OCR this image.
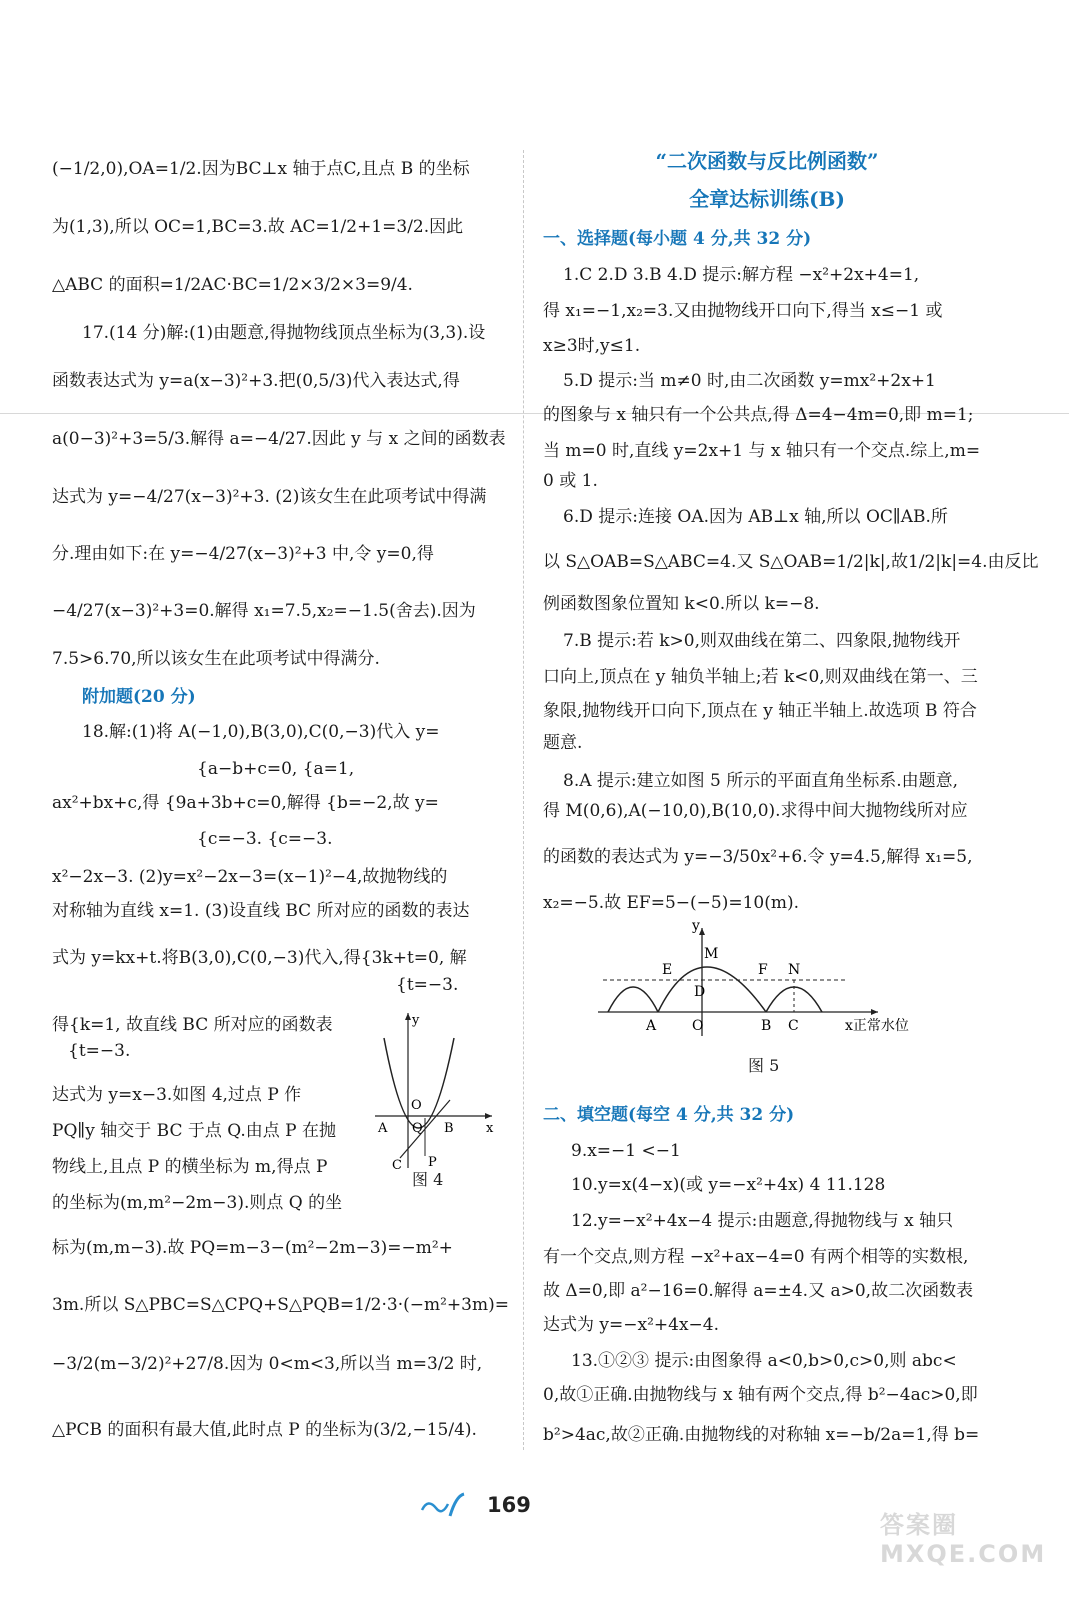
(−1/2,0),OA=1/2.因为BC⊥x 轴于点C,且点 B 的坐标
为(1,3),所以 OC=1,BC=3.故 AC=1/2+1=3/2.因此
△ABC 的面积=1/2AC·BC=1/2×3/2×3=9/4.
17.(14 分)解:(1)由题意,得抛物线顶点坐标为(3,3).设
函数表达式为 y=a(x−3)²+3.把(0,5/3)代入表达式,得
a(0−3)²+3=5/3.解得 a=−4/27.因此 y 与 x 之间的函数表
达式为 y=−4/27(x−3)²+3. (2)该女生在此项考试中得满
分.理由如下:在 y=−4/27(x−3)²+3 中,令 y=0,得
−4/27(x−3)²+3=0.解得 x₁=7.5,x₂=−1.5(舍去).因为
7.5>6.70,所以该女生在此项考试中得满分.
附加题(20 分)
18.解:(1)将 A(−1,0),B(3,0),C(0,−3)代入 y=
{a−b+c=0, {a=1,
ax²+bx+c,得 {9a+3b+c=0,解得 {b=−2,故 y=
{c=−3. {c=−3.
x²−2x−3. (2)y=x²−2x−3=(x−1)²−4,故抛物线的
对称轴为直线 x=1. (3)设直线 BC 所对应的函数的表达
式为 y=kx+t.将B(3,0),C(0,−3)代入,得{3k+t=0, 解
{t=−3.
得{k=1, 故直线 BC 所对应的函数表
{t=−3.
达式为 y=x−3.如图 4,过点 P 作
PQ∥y 轴交于 BC 于点 Q.由点 P 在抛
物线上,且点 P 的横坐标为 m,得点 P
的坐标为(m,m²−2m−3).则点 Q 的坐
标为(m,m−3).故 PQ=m−3−(m²−2m−3)=−m²+
3m.所以 S△PBC=S△CPQ+S△PQB=1/2·3·(−m²+3m)=
−3/2(m−3/2)²+27/8.因为 0<m<3,所以当 m=3/2 时,
△PCB 的面积有最大值,此时点 P 的坐标为(3/2,−15/4).
y
O
A Q B x
C P
图 4
“二次函数与反比例函数”
全章达标训练(B)
一、选择题(每小题 4 分,共 32 分)
1.C 2.D 3.B 4.D 提示:解方程 −x²+2x+4=1,
得 x₁=−1,x₂=3.又由抛物线开口向下,得当 x≤−1 或
x≥3时,y≤1.
5.D 提示:当 m≠0 时,由二次函数 y=mx²+2x+1
的图象与 x 轴只有一个公共点,得 Δ=4−4m=0,即 m=1;
当 m=0 时,直线 y=2x+1 与 x 轴只有一个交点.综上,m=
0 或 1.
6.D 提示:连接 OA.因为 AB⊥x 轴,所以 OC∥AB.所
以 S△OAB=S△ABC=4.又 S△OAB=1/2|k|,故1/2|k|=4.由反比
例函数图象位置知 k<0.所以 k=−8.
7.B 提示:若 k>0,则双曲线在第二、四象限,抛物线开
口向上,顶点在 y 轴负半轴上;若 k<0,则双曲线在第一、三
象限,抛物线开口向下,顶点在 y 轴正半轴上.故选项 B 符合
题意.
8.A 提示:建立如图 5 所示的平面直角坐标系.由题意,
得 M(0,6),A(−10,0),B(10,0).求得中间大抛物线所对应
的函数的表达式为 y=−3/50x²+6.令 y=4.5,解得 x₁=5,
x₂=−5.故 EF=5−(−5)=10(m).
y
M
E	F N
D
A	O	B C	x正常水位
图 5
二、填空题(每空 4 分,共 32 分)
9.x=−1 <−1
10.y=x(4−x)(或 y=−x²+4x) 4 11.128
12.y=−x²+4x−4 提示:由题意,得抛物线与 x 轴只
有一个交点,则方程 −x²+ax−4=0 有两个相等的实数根,
故 Δ=0,即 a²−16=0.解得 a=±4.又 a>0,故二次函数表
达式为 y=−x²+4x−4.
13.①②③ 提示:由图象得 a<0,b>0,c>0,则 abc<
0,故①正确.由抛物线与 x 轴有两个交点,得 b²−4ac>0,即
b²>4ac,故②正确.由抛物线的对称轴 x=−b/2a=1,得 b=
169
答案圈 MXQE.COM
